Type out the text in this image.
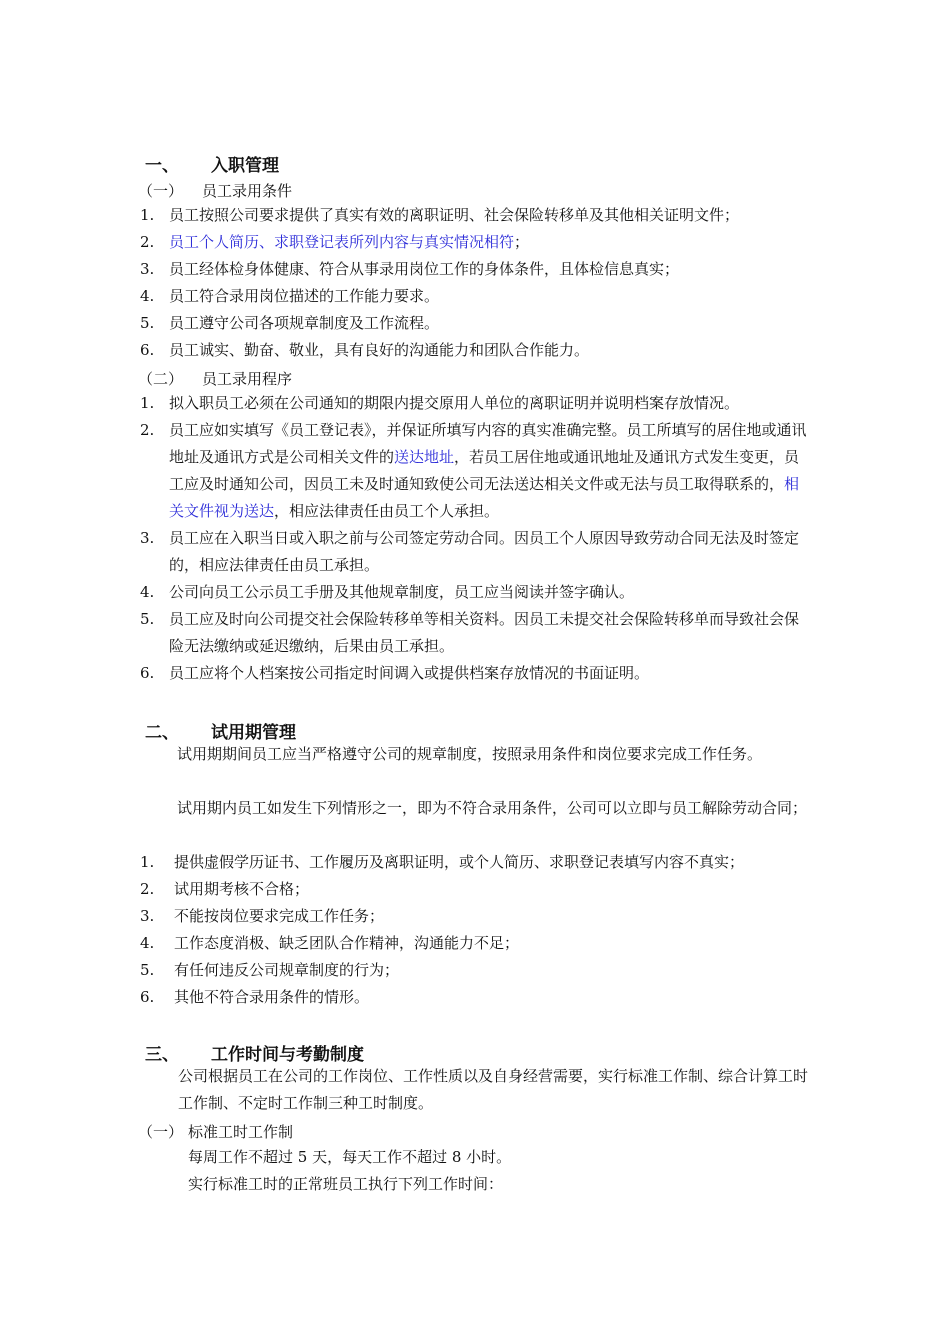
一、 入职管理
（一） 员工录用条件
1. 员工按照公司要求提供了真实有效的离职证明、社会保险转移单及其他相关证明文件；
2. 员工个人简历、求职登记表所列内容与真实情况相符；
3. 员工经体检身体健康、符合从事录用岗位工作的身体条件，且体检信息真实；
4. 员工符合录用岗位描述的工作能力要求。
5. 员工遵守公司各项规章制度及工作流程。
6. 员工诚实、勤奋、敬业，具有良好的沟通能力和团队合作能力。
（二） 员工录用程序
1. 拟入职员工必须在公司通知的期限内提交原用人单位的离职证明并说明档案存放情况。
2. 员工应如实填写《员工登记表》，并保证所填写内容的真实准确完整。员工所填写的居住地或通讯地址及通讯方式是公司相关文件的送达地址，若员工居住地或通讯地址及通讯方式发生变更，员工应及时通知公司，因员工未及时通知致使公司无法送达相关文件或无法与员工取得联系的，相关文件视为送达，相应法律责任由员工个人承担。
3. 员工应在入职当日或入职之前与公司签定劳动合同。因员工个人原因导致劳动合同无法及时签定的，相应法律责任由员工承担。
4. 公司向员工公示员工手册及其他规章制度，员工应当阅读并签字确认。
5. 员工应及时向公司提交社会保险转移单等相关资料。因员工未提交社会保险转移单而导致社会保险无法缴纳或延迟缴纳，后果由员工承担。
6. 员工应将个人档案按公司指定时间调入或提供档案存放情况的书面证明。
二、 试用期管理
试用期期间员工应当严格遵守公司的规章制度，按照录用条件和岗位要求完成工作任务。
试用期内员工如发生下列情形之一，即为不符合录用条件，公司可以立即与员工解除劳动合同；
1.	提供虚假学历证书、工作履历及离职证明，或个人简历、求职登记表填写内容不真实；
2.	试用期考核不合格；
3.	不能按岗位要求完成工作任务；
4.	工作态度消极、缺乏团队合作精神，沟通能力不足；
5.	有任何违反公司规章制度的行为；
6.	其他不符合录用条件的情形。
三、 工作时间与考勤制度
公司根据员工在公司的工作岗位、工作性质以及自身经营需要，实行标准工作制、综合计算工时工作制、不定时工作制三种工时制度。
（一） 标准工时工作制
每周工作不超过 5 天，每天工作不超过 8 小时。
实行标准工时的正常班员工执行下列工作时间：
